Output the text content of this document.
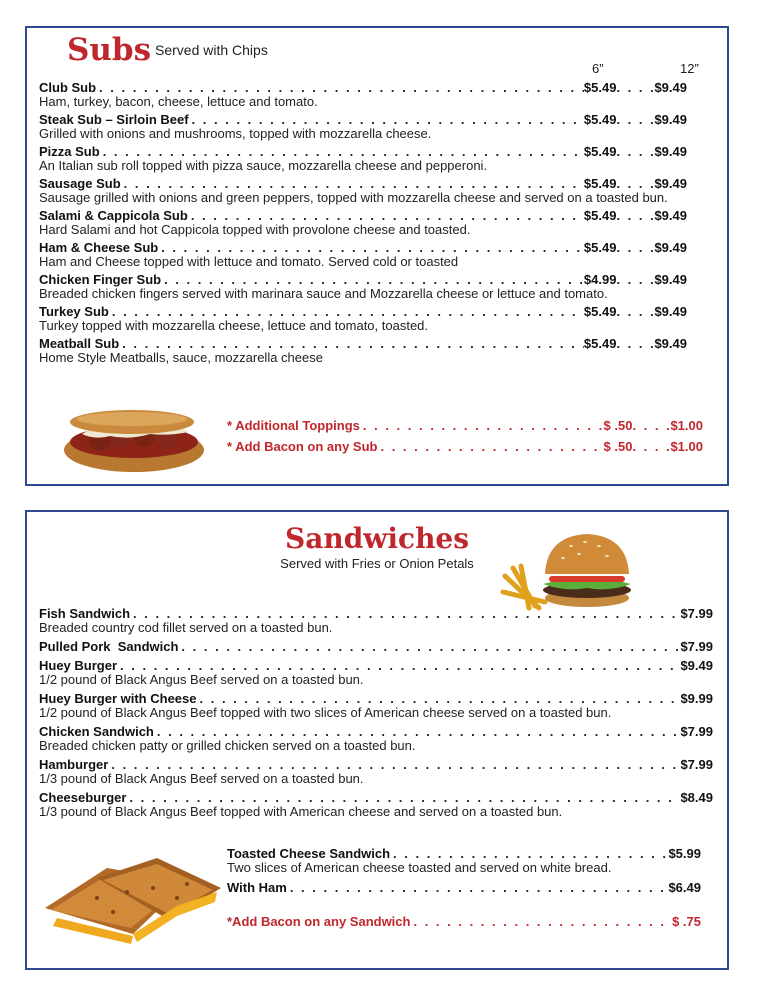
Subs Served with Chips
6”	12”
Club Sub . . .	$5.49 . . .	$9.49
Ham, turkey, bacon, cheese, lettuce and tomato.
Steak Sub – Sirloin Beef . . .	$5.49 . . .	$9.49
Grilled with onions and mushrooms, topped with mozzarella cheese.
Pizza Sub . . .	$5.49 . . .	$9.49
An Italian sub roll topped with pizza sauce, mozzarella cheese and pepperoni.
Sausage Sub . . .	$5.49 . . .	$9.49
Sausage grilled with onions and green peppers, topped with mozzarella cheese and served on a toasted bun.
Salami & Cappicola Sub . . .	$5.49 . . .	$9.49
Hard Salami and hot Cappicola topped with provolone cheese and toasted.
Ham & Cheese Sub . . .	$5.49 . . .	$9.49
Ham and Cheese topped with lettuce and tomato. Served cold or toasted
Chicken Finger Sub . . .	$4.99 . . .	$9.49
Breaded chicken fingers served with marinara sauce and Mozzarella cheese or lettuce and tomato.
Turkey Sub . . .	$5.49 . . .	$9.49
Turkey topped with mozzarella cheese, lettuce and tomato, toasted.
Meatball Sub . . .	$5.49 . . .	$9.49
Home Style Meatballs, sauce, mozzarella cheese
* Additional Toppings . . .	$ .50 . . .	$1.00
* Add Bacon on any Sub . . .	$ .50 . . .	$1.00
Sandwiches
Served with Fries or Onion Petals
Fish Sandwich . . .	$7.99
Breaded country cod fillet served on a toasted bun.
Pulled Pork  Sandwich . . .	$7.99
Huey Burger . . .	$9.49
1/2 pound of Black Angus Beef served on a toasted bun.
Huey Burger with Cheese . . .	$9.99
1/2 pound of Black Angus Beef topped with two slices of American cheese served on a toasted bun.
Chicken Sandwich . . .	$7.99
Breaded chicken patty or grilled chicken served on a toasted bun.
Hamburger . . .	$7.99
1/3 pound of Black Angus Beef served on a toasted bun.
Cheeseburger . . .	$8.49
1/3 pound of Black Angus Beef topped with American cheese and served on a toasted bun.
Toasted Cheese Sandwich . . .	$5.99
Two slices of American cheese toasted and served on white bread.
With Ham . . .	$6.49
*Add Bacon on any Sandwich . . .	$ .75
